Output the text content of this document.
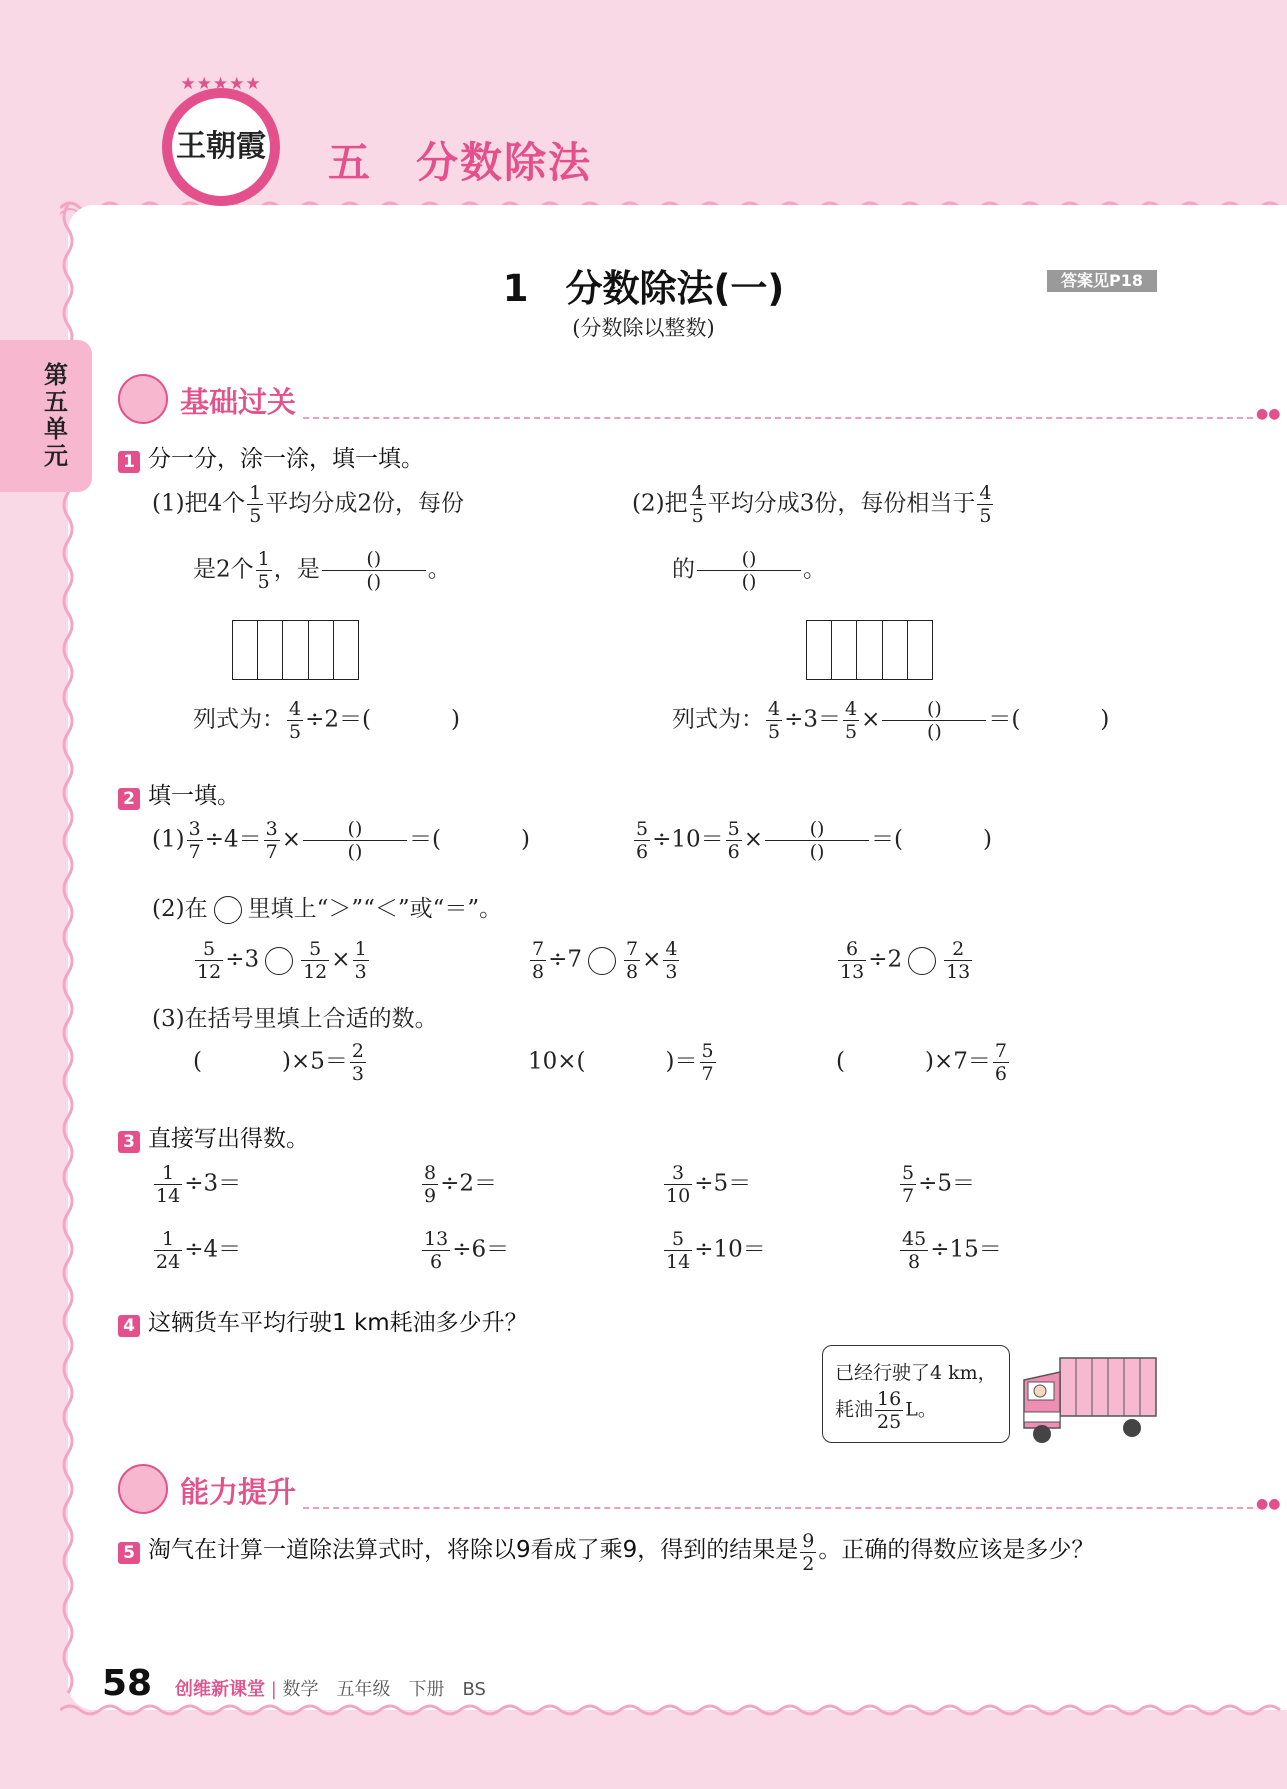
★★★★★
王朝霞 五　分数除法
第五单元
1　分数除法(一)
(分数除以整数)
答案见P18
基础过关	●●
1 分一分，涂一涂，填一填。
(1)把4个 $\frac{1}{5}$ 平均分成2份，每份
是2个 $\frac{1}{5}$ ，是 $\frac{()}{()}$ 。
列式为： $\frac{4}{5} \div 2=$(	)
(2)把 $\frac{4}{5}$ 平均分成3份，每份相当于 $\frac{4}{5}$
的 $\frac{()}{()}$ 。
列式为： $\frac{4}{5} \div 3= \frac{4}{5} \times \frac{()}{()}$ ＝(	)
2 填一填。
$(1) \frac{3}{7} \div 4= \frac{3}{7} \times \frac{()}{()}$ ＝(	)	$\frac{5}{6} \div 10= \frac{5}{6} \times \frac{()}{()}$ ＝(	)
(2)在 里填上“＞”“＜”或“＝”。
$\frac{5}{12} \div 3 \frac{5}{12} \times \frac{1}{3}$	$\frac{7}{8} \div 7 \frac{7}{8} \times \frac{4}{3}$	$\frac{6}{13} \div 2 \frac{2}{13}$
(3)在括号里填上合适的数。
(	)$\times 5= \frac{2}{3}$	10×(	)＝ $\frac{5}{7}$	(	)$\times 7= \frac{7}{6}$
3 直接写出得数。
$\frac{1}{14} \div 3=$	$\frac{8}{9} \div 2=$	$\frac{3}{10} \div 5=$	$\frac{5}{7} \div 5=$
$\frac{1}{24} \div 4=$	$\frac{13}{6} \div 6=$	$\frac{5}{14} \div 10=$	$\frac{45}{8} \div 15=$
4 这辆货车平均行驶1 km耗油多少升？
已经行驶了4 km，
耗油 $\frac{16}{25}$ L。
能力提升	●●
5 淘气在计算一道除法算式时，将除以9看成了乘9，得到的结果是 $\frac{9}{2}$ 。正确的得数应该是多少？
58 创维新课堂 | 数学　五年级　下册　BS
